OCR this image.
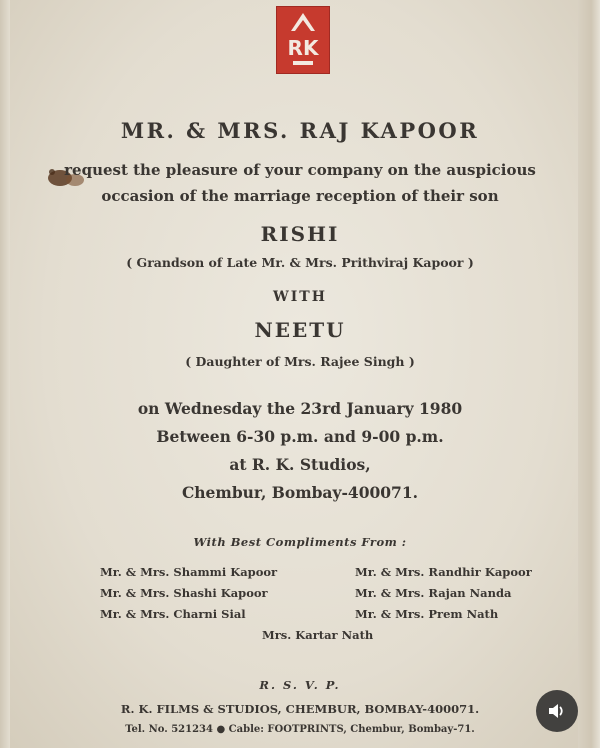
RK
MR. & MRS. RAJ KAPOOR
request the pleasure of your company on the auspicious
occasion of the marriage reception of their son
RISHI
( Grandson of Late Mr. & Mrs. Prithviraj Kapoor )
WITH
NEETU
( Daughter of Mrs. Rajee Singh )
on Wednesday the 23rd January 1980
Between 6-30 p.m. and 9-00 p.m.
at R. K. Studios,
Chembur, Bombay-400071.
With Best Compliments From :
Mr. & Mrs. Shammi Kapoor
Mr. & Mrs. Shashi Kapoor
Mr. & Mrs. Charni Sial
Mr. & Mrs. Randhir Kapoor
Mr. & Mrs. Rajan Nanda
Mr. & Mrs. Prem Nath
Mrs. Kartar Nath
R. S. V. P.
R. K. FILMS & STUDIOS, CHEMBUR, BOMBAY-400071.
Tel. No. 521234 ● Cable: FOOTPRINTS, Chembur, Bombay-71.
